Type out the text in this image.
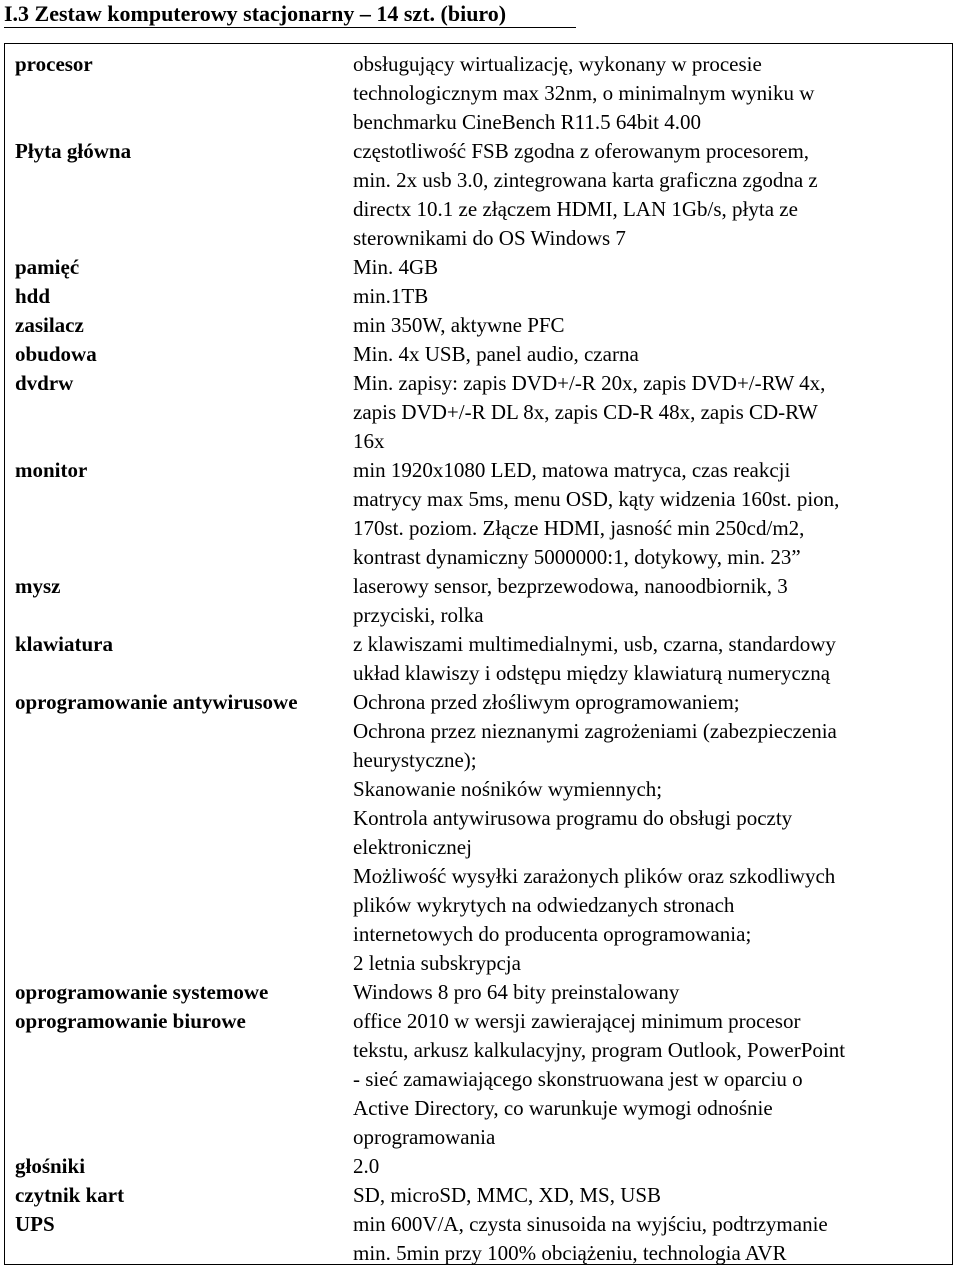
I.3 Zestaw komputerowy stacjonarny – 14 szt. (biuro)
procesor	obsługujący wirtualizację, wykonany w procesie
technologicznym max 32nm, o minimalnym wyniku w
benchmarku CineBench R11.5 64bit 4.00
Płyta główna	częstotliwość FSB zgodna z oferowanym procesorem,
min. 2x usb 3.0, zintegrowana karta graficzna zgodna z
directx 10.1 ze złączem HDMI, LAN 1Gb/s, płyta ze
sterownikami do OS Windows 7
pamięć	Min. 4GB
hdd	min.1TB
zasilacz	min 350W, aktywne PFC
obudowa	Min. 4x USB, panel audio, czarna
dvdrw	Min. zapisy: zapis DVD+/-R 20x, zapis DVD+/-RW 4x,
zapis DVD+/-R DL 8x, zapis CD-R 48x, zapis CD-RW
16x
monitor	min 1920x1080 LED, matowa matryca, czas reakcji
matrycy max 5ms, menu OSD, kąty widzenia 160st. pion,
170st. poziom. Złącze HDMI, jasność min 250cd/m2,
kontrast dynamiczny 5000000:1, dotykowy, min. 23”
mysz	laserowy sensor, bezprzewodowa, nanoodbiornik, 3
przyciski, rolka
klawiatura	z klawiszami multimedialnymi, usb, czarna, standardowy
układ klawiszy i odstępu między klawiaturą numeryczną
oprogramowanie antywirusowe	Ochrona przed złośliwym oprogramowaniem;
Ochrona przez nieznanymi zagrożeniami (zabezpieczenia
heurystyczne);
Skanowanie nośników wymiennych;
Kontrola antywirusowa programu do obsługi poczty
elektronicznej
Możliwość wysyłki zarażonych plików oraz szkodliwych
plików wykrytych na odwiedzanych stronach
internetowych do producenta oprogramowania;
2 letnia subskrypcja
oprogramowanie systemowe	Windows 8 pro 64 bity preinstalowany
oprogramowanie biurowe	office 2010 w wersji zawierającej minimum procesor
tekstu, arkusz kalkulacyjny, program Outlook, PowerPoint
- sieć zamawiającego skonstruowana jest w oparciu o
Active Directory, co warunkuje wymogi odnośnie
oprogramowania
głośniki	2.0
czytnik kart	SD, microSD, MMC, XD, MS, USB
UPS	min 600V/A, czysta sinusoida na wyjściu, podtrzymanie
min. 5min przy 100% obciążeniu, technologia AVR
